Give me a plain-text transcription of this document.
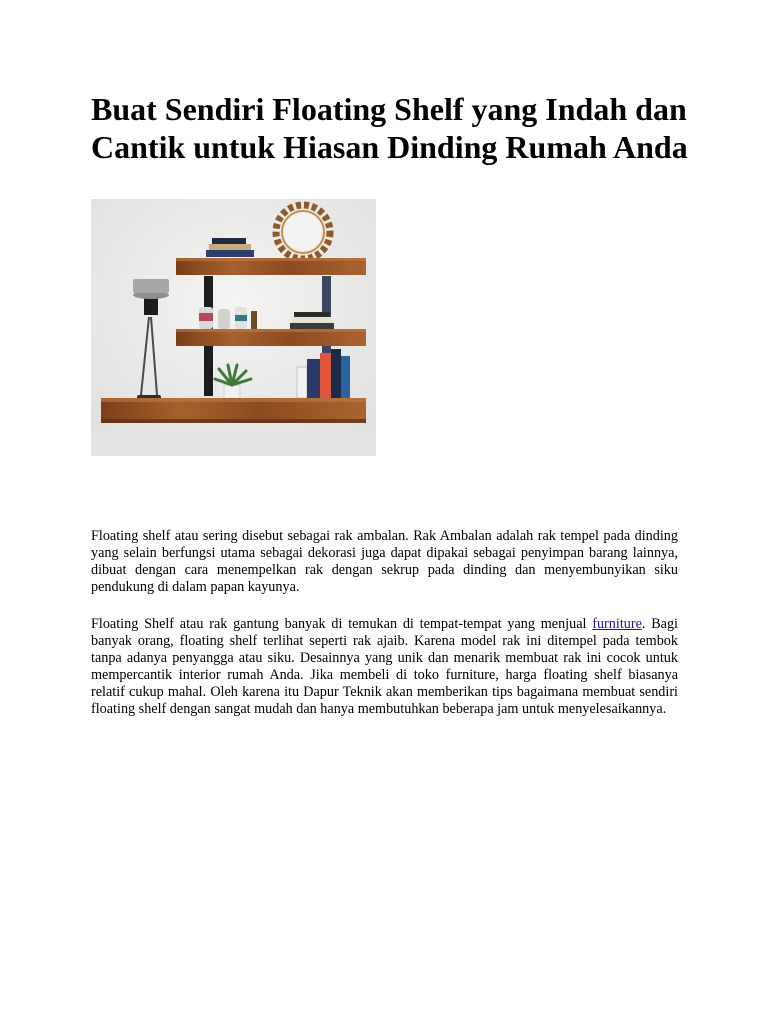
Buat Sendiri Floating Shelf yang Indah dan Cantik untuk Hiasan Dinding Rumah Anda

Floating shelf atau sering disebut sebagai rak ambalan. Rak Ambalan adalah rak tempel pada dinding yang selain berfungsi utama sebagai dekorasi juga dapat dipakai sebagai penyimpan barang lainnya, dibuat dengan cara menempelkan rak dengan sekrup pada dinding dan menyembunyikan siku pendukung di dalam papan kayunya.

Floating Shelf atau rak gantung banyak di temukan di tempat-tempat yang menjual furniture. Bagi banyak orang, floating shelf terlihat seperti rak ajaib. Karena model rak ini ditempel pada tembok tanpa adanya penyangga atau siku. Desainnya yang unik dan menarik membuat rak ini cocok untuk mempercantik interior rumah Anda. Jika membeli di toko furniture, harga floating shelf biasanya relatif cukup mahal. Oleh karena itu Dapur Teknik akan memberikan tips bagaimana membuat sendiri floating shelf dengan sangat mudah dan hanya membutuhkan beberapa jam untuk menyelesaikannya.
